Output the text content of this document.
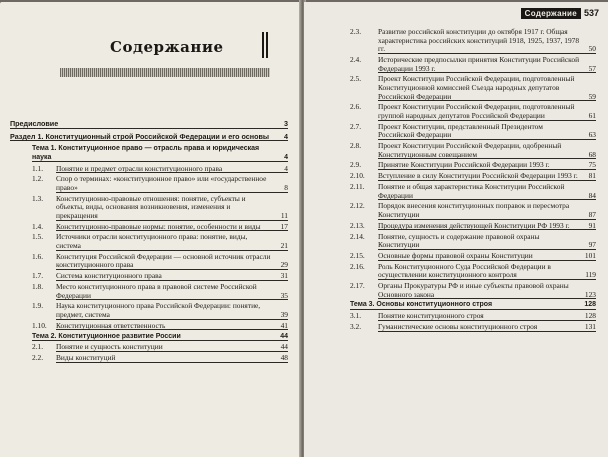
Содержание
Предисловие	3
Раздел 1. Конституционный строй Российской Федерации и его основы	4
Тема 1. Конституционное право — отрасль права и юридическая наука	4
1.1.	Понятие и предмет отрасли конституционного права	4
1.2.	Спор о терминах: «конституционное право» или «государственное право»	8
1.3.	Конституционно-правовые отношения: понятие, субъекты и объекты, виды, основания возникновения, изменения и прекращения	11
1.4.	Конституционно-правовые нормы: понятие, особенности и виды	17
1.5.	Источники отрасли конституционного права: понятие, виды, система	21
1.6.	Конституция Российской Федерации — основной источник отрасли конституционного права	29
1.7.	Система конституционного права	31
1.8.	Место конституционного права в правовой системе Российской Федерации	35
1.9.	Наука конституционного права Российской Федерации: понятие, предмет, система	39
1.10.	Конституционная ответственность	41
Тема 2. Конституционное развитие России	44
2.1.	Понятие и сущность конституции	44
2.2.	Виды конституций	48
Содержание 537
2.3.	Развитие российской конституции до октября 1917 г. Общая характеристика российских конституций 1918, 1925, 1937, 1978 гг.	50
2.4.	Исторические предпосылки принятия Конституции Российской Федерации 1993 г.	57
2.5.	Проект Конституции Российской Федерации, подготовленный Конституционной комиссией Съезда народных депутатов Российской Федерации	59
2.6.	Проект Конституции Российской Федерации, подготовленный группой народных депутатов Российской Федерации	61
2.7.	Проект Конституции, представленный Президентом Российской Федерации	63
2.8.	Проект Конституции Российской Федерации, одобренный Конституционным совещанием	68
2.9.	Принятие Конституции Российской Федерации 1993 г.	75
2.10.	Вступление в силу Конституции Российской Федерации 1993 г.	81
2.11.	Понятие и общая характеристика Конституции Российской Федерации	84
2.12.	Порядок внесения конституционных поправок и пересмотра Конституции	87
2.13.	Процедура изменения действующей Конституции РФ 1993 г.	91
2.14.	Понятие, сущность и содержание правовой охраны Конституции	97
2.15.	Основные формы правовой охраны Конституции	101
2.16.	Роль Конституционного Суда Российской Федерации в осуществлении конституционного контроля	119
2.17.	Органы Прокуратуры РФ и иные субъекты правовой охраны Основного закона	123
Тема 3. Основы конституционного строя	128
3.1.	Понятие конституционного строя	128
3.2.	Гуманистические основы конституционного строя	131
